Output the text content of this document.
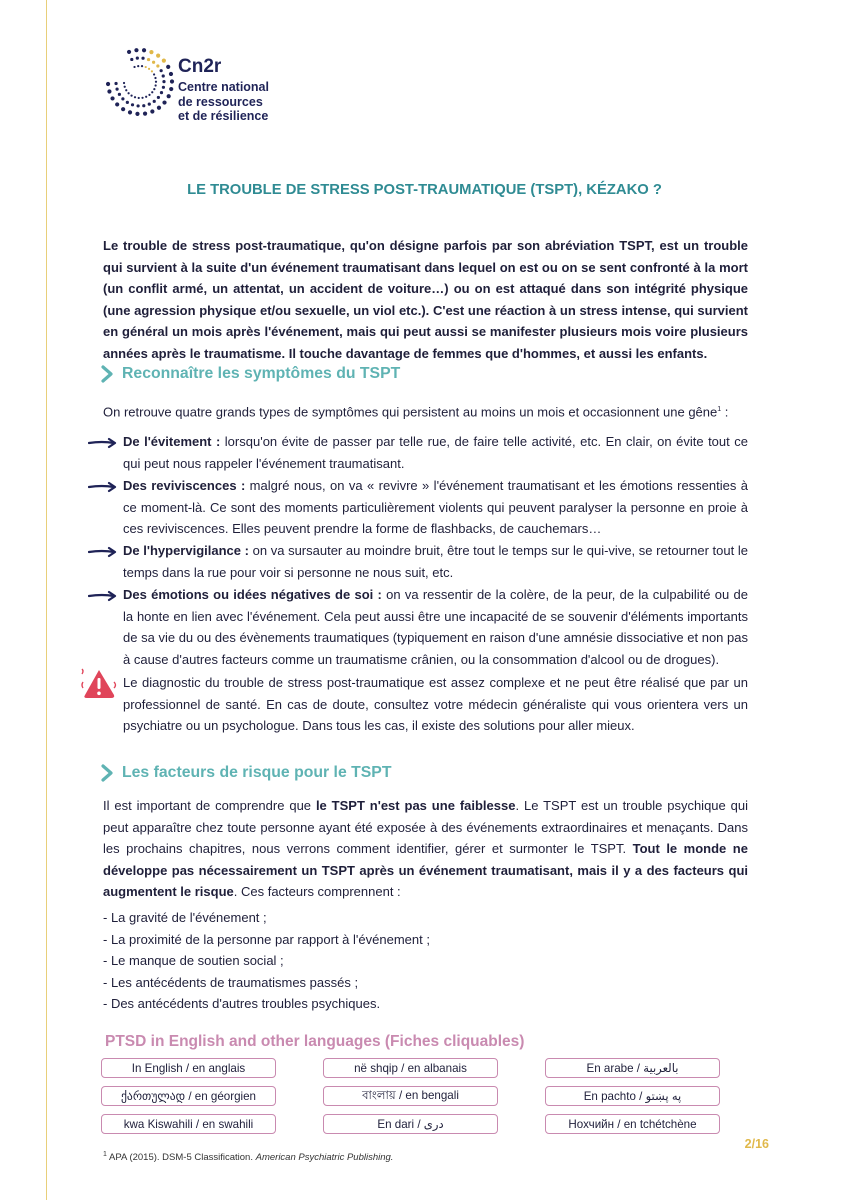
Cn2r
Centre national
de ressources
et de résilience
LE TROUBLE DE STRESS POST-TRAUMATIQUE (TSPT), KÉZAKO ?

Le trouble de stress post-traumatique, qu'on désigne parfois par son abréviation TSPT, est un trouble qui survient à la suite d'un événement traumatisant dans lequel on est ou on se sent confronté à la mort (un conflit armé, un attentat, un accident de voiture…) ou on est attaqué dans son intégrité physique (une agression physique et/ou sexuelle, un viol etc.). C'est une réaction à un stress intense, qui survient en général un mois après l'événement, mais qui peut aussi se manifester plusieurs mois voire plusieurs années après le traumatisme. Il touche davantage de femmes que d'hommes, et aussi les enfants.

Reconnaître les symptômes du TSPT

On retrouve quatre grands types de symptômes qui persistent au moins un mois et occasionnent une gêne$^1$ :

De l'évitement : lorsqu'on évite de passer par telle rue, de faire telle activité, etc. En clair, on évite tout ce qui peut nous rappeler l'événement traumatisant.

Des reviviscences : malgré nous, on va « revivre » l'événement traumatisant et les émotions ressenties à ce moment-là. Ce sont des moments particulièrement violents qui peuvent paralyser la personne en proie à ces reviviscences. Elles peuvent prendre la forme de flashbacks, de cauchemars…

De l'hypervigilance : on va sursauter au moindre bruit, être tout le temps sur le qui-vive, se retourner tout le temps dans la rue pour voir si personne ne nous suit, etc.

Des émotions ou idées négatives de soi : on va ressentir de la colère, de la peur, de la culpabilité ou de la honte en lien avec l'événement. Cela peut aussi être une incapacité de se souvenir d'éléments importants de sa vie du ou des évènements traumatiques (typiquement en raison d'une amnésie dissociative et non pas à cause d'autres facteurs comme un traumatisme crânien, ou la consommation d'alcool ou de drogues).

Le diagnostic du trouble de stress post-traumatique est assez complexe et ne peut être réalisé que par un professionnel de santé. En cas de doute, consultez votre médecin généraliste qui vous orientera vers un psychiatre ou un psychologue. Dans tous les cas, il existe des solutions pour aller mieux.

Les facteurs de risque pour le TSPT

Il est important de comprendre que le TSPT n'est pas une faiblesse. Le TSPT est un trouble psychique qui peut apparaître chez toute personne ayant été exposée à des événements extraordinaires et menaçants. Dans les prochains chapitres, nous verrons comment identifier, gérer et surmonter le TSPT. Tout le monde ne développe pas nécessairement un TSPT après un événement traumatisant, mais il y a des facteurs qui augmentent le risque. Ces facteurs comprennent :

- La gravité de l'événement ;
- La proximité de la personne par rapport à l'événement ;
- Le manque de soutien social ;
- Les antécédents de traumatismes passés ;
- Des antécédents d'autres troubles psychiques.
PTSD in English and other languages (Fiches cliquables)
In English / en anglais	në shqip / en albanais	En arabe / بالعربية
ქართულად / en géorgien	বাংলায় / en bengali	En pachto / په پښتو
kwa Kiswahili / en swahili	En dari / دری	Нохчийн / en tchétchène
2/16
$^1$ APA (2015). DSM-5 Classification. American Psychiatric Publishing.
